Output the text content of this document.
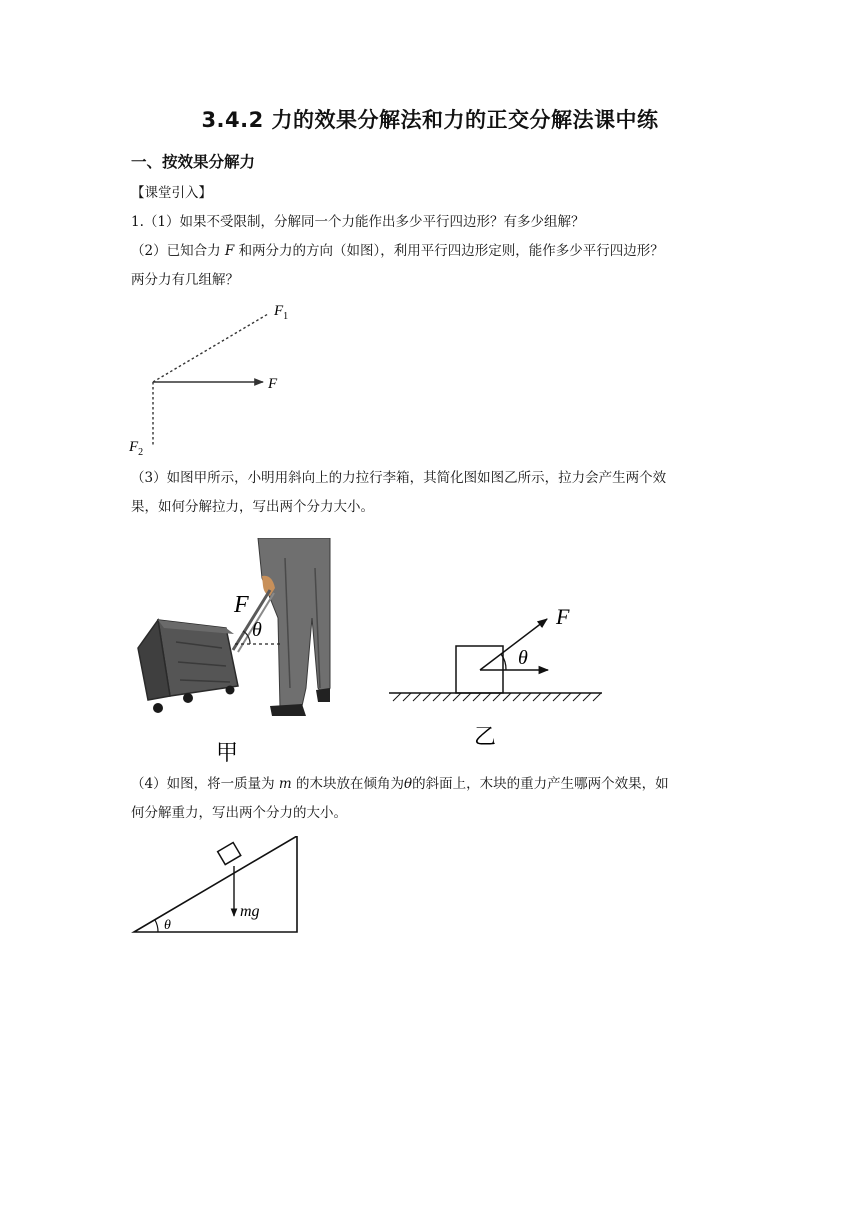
3.4.2 力的效果分解法和力的正交分解法课中练
一、按效果分解力
【课堂引入】
1.（1）如果不受限制，分解同一个力能作出多少平行四边形？有多少组解？
（2）已知合力 F 和两分力的方向（如图），利用平行四边形定则，能作多少平行四边形？
两分力有几组解？
F
$F_1$
$F_2$
（3）如图甲所示，小明用斜向上的力拉行李箱，其简化图如图乙所示，拉力会产生两个效
果，如何分解拉力，写出两个分力大小。
F
θ
甲
F
θ
乙
（4）如图，将一质量为 m 的木块放在倾角为θ的斜面上，木块的重力产生哪两个效果，如
何分解重力，写出两个分力的大小。
mg
θ
